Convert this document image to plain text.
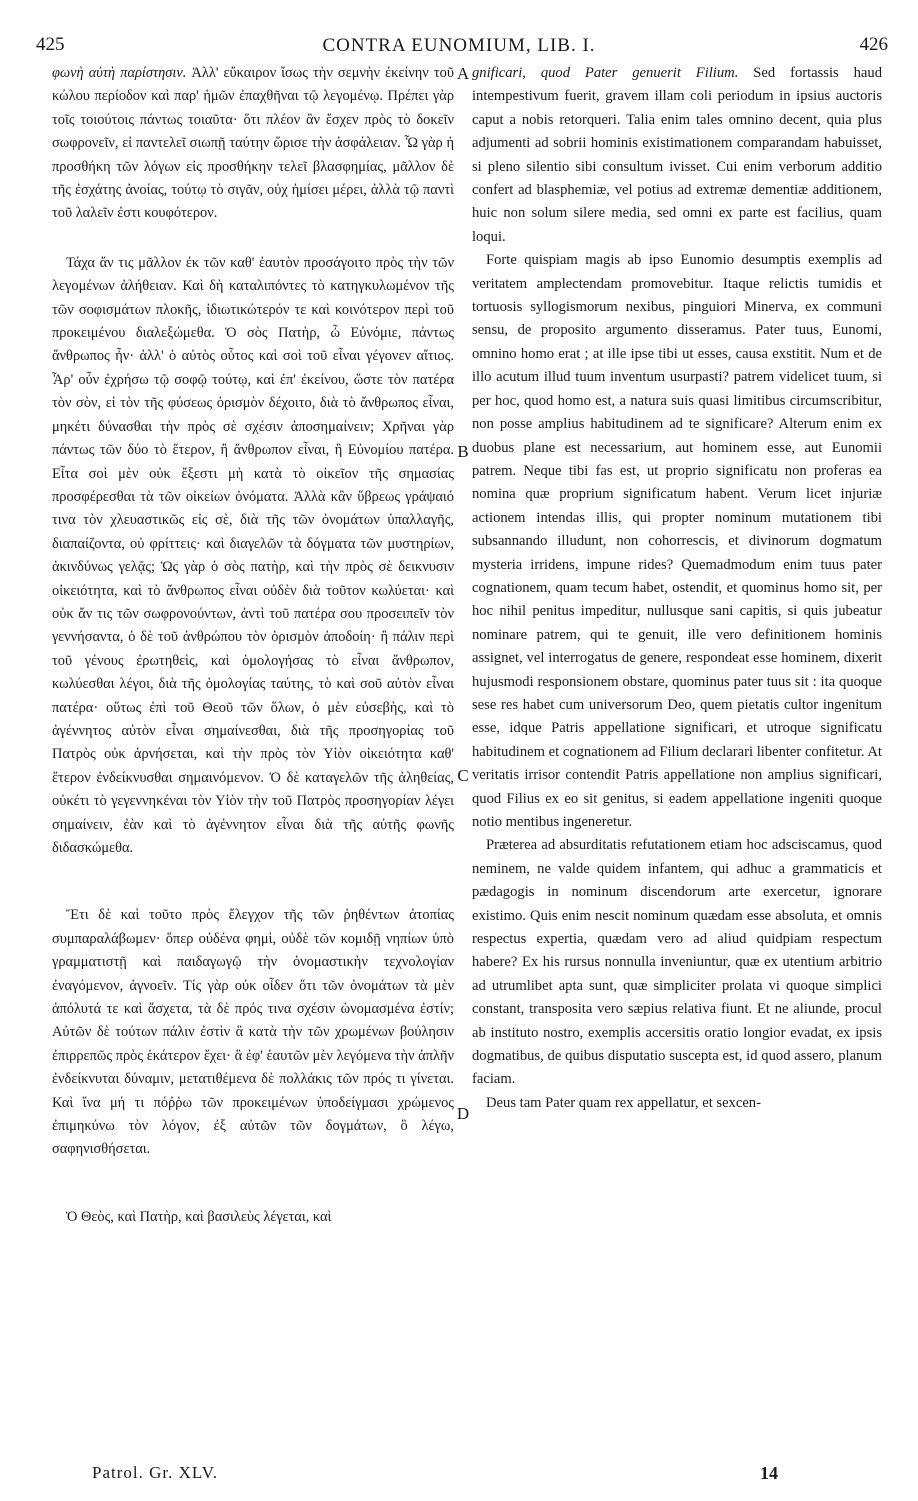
425	CONTRA EUNOMIUM, LIB. I.	426

φωνὴ αὐτὴ παρίστησιν. Ἀλλ' εὔκαιρον ἴσως τὴν σεμνὴν ἐκείνην τοῦ κώλου περίοδον καὶ παρ' ἡμῶν ἐπαχθῆναι τῷ λεγομένῳ. Πρέπει γὰρ τοῖς τοιούτοις πάντως τοιαῦτα· ὅτι πλέον ἂν ἔσχεν πρὸς τὸ δοκεῖν σωφρονεῖν, εἰ παντελεῖ σιωπῇ ταύτην ὥρισε τὴν ἀσφάλειαν. Ὧ γὰρ ἡ προσθήκη τῶν λόγων εἰς προσθήκην τελεῖ βλασφημίας, μᾶλλον δὲ τῆς ἐσχάτης ἀνοίας, τούτῳ τὸ σιγᾶν, οὐχ ἡμίσει μέρει, ἀλλὰ τῷ παντὶ τοῦ λαλεῖν ἐστι κουφότερον.

Τάχα ἄν τις μᾶλλον ἐκ τῶν καθ' ἑαυτὸν προσάγοιτο πρὸς τὴν τῶν λεγομένων ἀλήθειαν. Καὶ δὴ καταλιπόντες τὸ κατηγκυλωμένον τῆς τῶν σοφισμάτων πλοκῆς, ἰδιωτικώτερόν τε καὶ κοινότερον περὶ τοῦ προκειμένου διαλεξώμεθα. Ὁ σὸς Πατὴρ, ὦ Εὐνόμιε, πάντως ἄνθρωπος ἦν· ἀλλ' ὁ αὐτὸς οὗτος καὶ σοὶ τοῦ εἶναι γέγονεν αἴτιος. Ἆρ' οὖν ἐχρήσω τῷ σοφῷ τούτῳ, καὶ ἐπ' ἐκείνου, ὥστε τὸν πατέρα τὸν σὸν, εἰ τὸν τῆς φύσεως ὁρισμὸν δέχοιτο, διὰ τὸ ἄνθρωπος εἶναι, μηκέτι δύνασθαι τὴν πρὸς σὲ σχέσιν ἀποσημαίνειν; Χρῆναι γὰρ πάντως τῶν δύο τὸ ἕτερον, ἢ ἄνθρωπον εἶναι, ἢ Εὐνομίου πατέρα. Εἶτα σοὶ μὲν οὐκ ἔξεστι μὴ κατὰ τὸ οἰκεῖον τῆς σημασίας προσφέρεσθαι τὰ τῶν οἰκείων ὀνόματα. Ἀλλὰ κἂν ὕβρεως γράψαιό τινα τὸν χλευαστικῶς εἰς σὲ, διὰ τῆς τῶν ὀνομάτων ὑπαλλαγῆς, διαπαίζοντα, οὐ φρίττεις· καὶ διαγελῶν τὰ δόγματα τῶν μυστηρίων, ἀκινδύνως γελᾷς; Ὡς γὰρ ὁ σὸς πατὴρ, καὶ τὴν πρὸς σὲ δεικνυσιν οἰκειότητα, καὶ τὸ ἄνθρωπος εἶναι οὐδὲν διὰ τοῦτον κωλύεται· καὶ οὐκ ἄν τις τῶν σωφρονούντων, ἀντὶ τοῦ πατέρα σου προσειπεῖν τὸν γεννήσαντα, ὁ δὲ τοῦ ἀνθρώπου τὸν ὁρισμὸν ἀποδοίη· ἢ πάλιν περὶ τοῦ γένους ἐρωτηθεὶς, καὶ ὁμολογήσας τὸ εἶναι ἄνθρωπον, κωλύεσθαι λέγοι, διὰ τῆς ὁμολογίας ταύτης, τὸ καὶ σοῦ αὐτὸν εἶναι πατέρα· οὕτως ἐπὶ τοῦ Θεοῦ τῶν ὅλων, ὁ μὲν εὐσεβὴς, καὶ τὸ ἀγέννητος αὐτὸν εἶναι σημαίνεσθαι, διὰ τῆς προσηγορίας τοῦ Πατρὸς οὐκ ἀρνήσεται, καὶ τὴν πρὸς τὸν Υἱὸν οἰκειότητα καθ' ἕτερον ἐνδείκνυσθαι σημαινόμενον. Ὁ δὲ καταγελῶν τῆς ἀληθείας, οὐκέτι τὸ γεγεννηκέναι τὸν Υἱὸν τὴν τοῦ Πατρὸς προσηγορίαν λέγει σημαίνειν, ἐὰν καὶ τὸ ἀγέννητον εἶναι διὰ τῆς αὐτῆς φωνῆς διδασκώμεθα.

Ἔτι δὲ καὶ τοῦτο πρὸς ἔλεγχον τῆς τῶν ῥηθέντων ἀτοπίας συμπαραλάβωμεν· ὅπερ οὐδένα φημὶ, οὐδὲ τῶν κομιδῇ νηπίων ὑπὸ γραμματιστῇ καὶ παιδαγωγῷ τὴν ὀνομαστικὴν τεχνολογίαν ἐναγόμενον, ἀγνοεῖν. Τίς γὰρ οὐκ οἶδεν ὅτι τῶν ὀνομάτων τὰ μὲν ἀπόλυτά τε καὶ ἄσχετα, τὰ δὲ πρός τινα σχέσιν ὠνομασμένα ἐστίν; Αὐτῶν δὲ τούτων πάλιν ἐστὶν ἃ κατὰ τὴν τῶν χρωμένων βούλησιν ἐπιρρεπῶς πρὸς ἑκάτερον ἔχει· ἃ ἐφ' ἑαυτῶν μὲν λεγόμενα τὴν ἁπλῆν ἐνδείκνυται δύναμιν, μετατιθέμενα δὲ πολλάκις τῶν πρός τι γίνεται. Καὶ ἵνα μή τι πόῤῥω τῶν προκειμένων ὑποδείγμασι χρώμενος ἐπιμηκύνω τὸν λόγον, ἐξ αὐτῶν τῶν δογμάτων, ὃ λέγω, σαφηνισθήσεται.

Ὁ Θεὸς, καὶ Πατὴρ, καὶ βασιλεὺς λέγεται, καὶ

A
B
C
D

gnificari, quod Pater genuerit Filium. Sed fortassis haud intempestivum fuerit, gravem illam coli periodum in ipsius auctoris caput a nobis retorqueri. Talia enim tales omnino decent, quia plus adjumenti ad sobrii hominis existimationem comparandam habuisset, si pleno silentio sibi consultum ivisset. Cui enim verborum additio confert ad blasphemiæ, vel potius ad extremæ dementiæ additionem, huic non solum silere media, sed omni ex parte est facilius, quam loqui.

Forte quispiam magis ab ipso Eunomio desumptis exemplis ad veritatem amplectendam promovebitur. Itaque relictis tumidis et tortuosis syllogismorum nexibus, pinguiori Minerva, ex communi sensu, de proposito argumento disseramus. Pater tuus, Eunomi, omnino homo erat ; at ille ipse tibi ut esses, causa exstitit. Num et de illo acutum illud tuum inventum usurpasti? patrem videlicet tuum, si per hoc, quod homo est, a natura suis quasi limitibus circumscribitur, non posse amplius habitudinem ad te significare? Alterum enim ex duobus plane est necessarium, aut hominem esse, aut Eunomii patrem. Neque tibi fas est, ut proprio significatu non proferas ea nomina quæ proprium significatum habent. Verum licet injuriæ actionem intendas illis, qui propter nominum mutationem tibi subsannando illudunt, non cohorrescis, et divinorum dogmatum mysteria irridens, impune rides? Quemadmodum enim tuus pater cognationem, quam tecum habet, ostendit, et quominus homo sit, per hoc nihil penitus impeditur, nullusque sani capitis, si quis jubeatur nominare patrem, qui te genuit, ille vero definitionem hominis assignet, vel interrogatus de genere, respondeat esse hominem, dixerit hujusmodi responsionem obstare, quominus pater tuus sit : ita quoque sese res habet cum universorum Deo, quem pietatis cultor ingenitum esse, idque Patris appellatione significari, et utroque significatu habitudinem et cognationem ad Filium declarari libenter confitetur. At veritatis irrisor contendit Patris appellatione non amplius significari, quod Filius ex eo sit genitus, si eadem appellatione ingeniti quoque notio mentibus ingeneretur.

Præterea ad absurditatis refutationem etiam hoc adsciscamus, quod neminem, ne valde quidem infantem, qui adhuc a grammaticis et pædagogis in nominum discendorum arte exercetur, ignorare existimo. Quis enim nescit nominum quædam esse absoluta, et omnis respectus expertia, quædam vero ad aliud quidpiam respectum habere? Ex his rursus nonnulla inveniuntur, quæ ex utentium arbitrio ad utrumlibet apta sunt, quæ simpliciter prolata vi quoque simplici constant, transposita vero sæpius relativa fiunt. Et ne aliunde, procul ab instituto nostro, exemplis accersitis oratio longior evadat, ex ipsis dogmatibus, de quibus disputatio suscepta est, id quod assero, planum faciam.

Deus tam Pater quam rex appellatur, et sexcen-

Patrol. Gr. XLV.	14
